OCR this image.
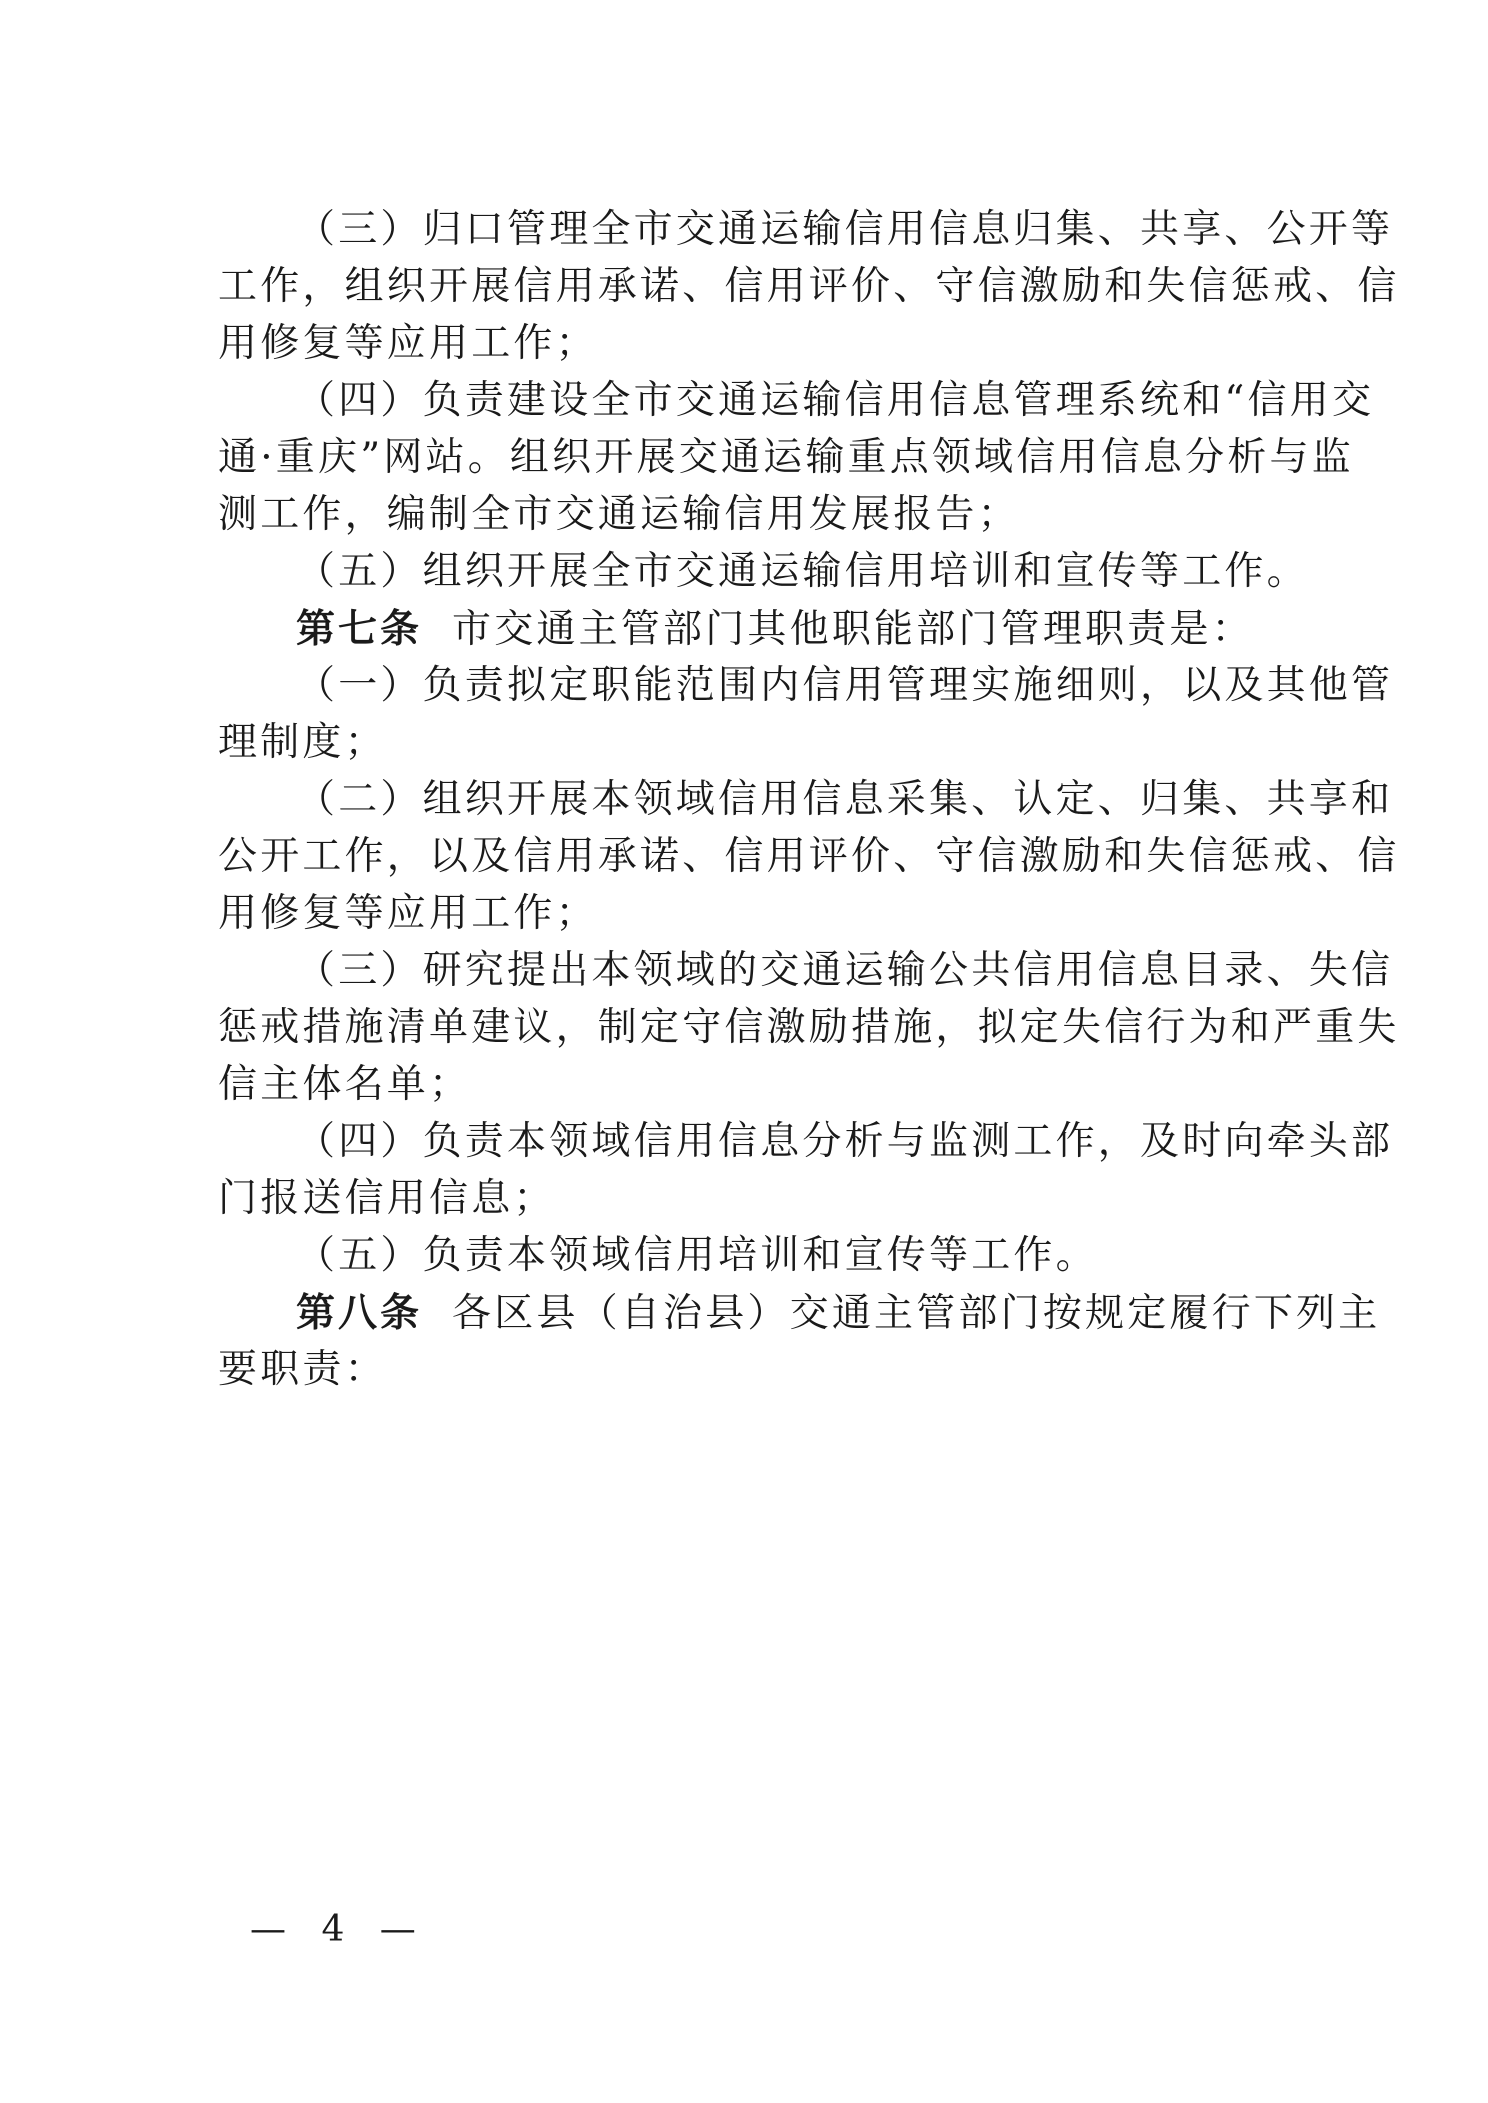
（三）归口管理全市交通运输信用信息归集、共享、公开等
工作，组织开展信用承诺、信用评价、守信激励和失信惩戒、信
用修复等应用工作；
（四）负责建设全市交通运输信用信息管理系统和“信用交
通·重庆”网站。组织开展交通运输重点领域信用信息分析与监
测工作，编制全市交通运输信用发展报告；
（五）组织开展全市交通运输信用培训和宣传等工作。
第七条 市交通主管部门其他职能部门管理职责是：
（一）负责拟定职能范围内信用管理实施细则，以及其他管
理制度；
（二）组织开展本领域信用信息采集、认定、归集、共享和
公开工作，以及信用承诺、信用评价、守信激励和失信惩戒、信
用修复等应用工作；
（三）研究提出本领域的交通运输公共信用信息目录、失信
惩戒措施清单建议，制定守信激励措施，拟定失信行为和严重失
信主体名单；
（四）负责本领域信用信息分析与监测工作，及时向牵头部
门报送信用信息；
（五）负责本领域信用培训和宣传等工作。
第八条 各区县（自治县）交通主管部门按规定履行下列主
要职责：
— 4 —
